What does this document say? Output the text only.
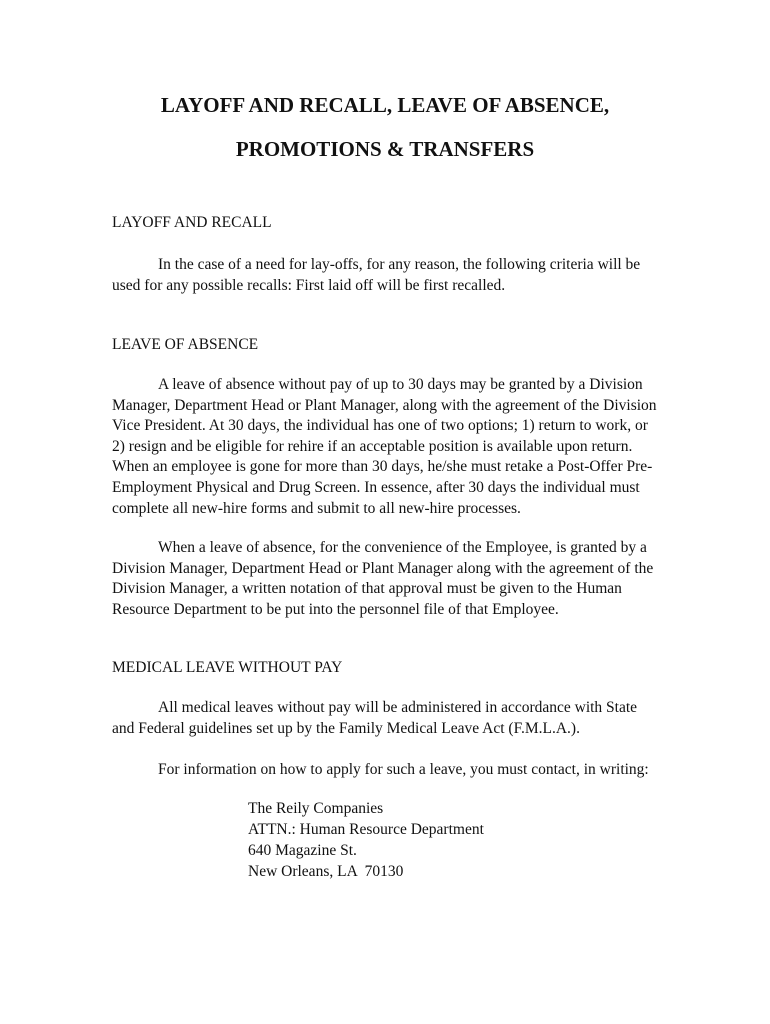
LAYOFF AND RECALL, LEAVE OF ABSENCE,
PROMOTIONS & TRANSFERS

LAYOFF AND RECALL

In the case of a need for lay-offs, for any reason, the following criteria will be used for any possible recalls: First laid off will be first recalled.

LEAVE OF ABSENCE

A leave of absence without pay of up to 30 days may be granted by a Division Manager, Department Head or Plant Manager, along with the agreement of the Division Vice President. At 30 days, the individual has one of two options; 1) return to work, or 2) resign and be eligible for rehire if an acceptable position is available upon return. When an employee is gone for more than 30 days, he/she must retake a Post-Offer Pre-Employment Physical and Drug Screen. In essence, after 30 days the individual must complete all new-hire forms and submit to all new-hire processes.

When a leave of absence, for the convenience of the Employee, is granted by a Division Manager, Department Head or Plant Manager along with the agreement of the Division Manager, a written notation of that approval must be given to the Human Resource Department to be put into the personnel file of that Employee.

MEDICAL LEAVE WITHOUT PAY

All medical leaves without pay will be administered in accordance with State and Federal guidelines set up by the Family Medical Leave Act (F.M.L.A.).

For information on how to apply for such a leave, you must contact, in writing:

The Reily Companies
ATTN.: Human Resource Department
640 Magazine St.
New Orleans, LA  70130
